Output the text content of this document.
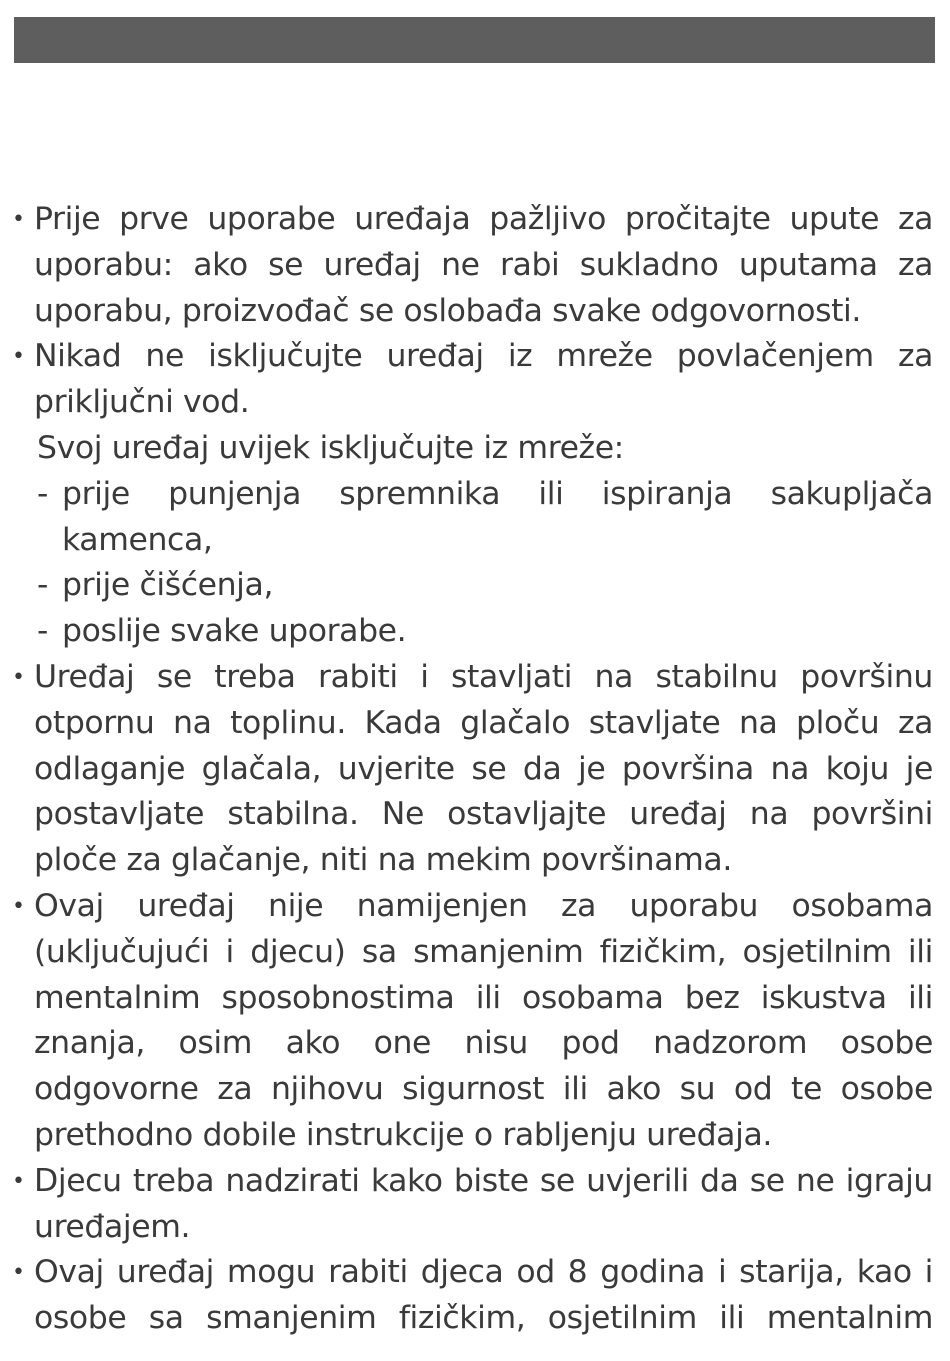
• Prije prve uporabe uređaja pažljivo pročitajte upute za uporabu: ako se uređaj ne rabi sukladno uputama za uporabu, proizvođač se oslobađa svake odgovornosti.
• Nikad ne isključujte uređaj iz mreže povlačenjem za priključni vod.
Svoj uređaj uvijek isključujte iz mreže:
- prije punjenja spremnika ili ispiranja sakupljača kamenca,
- prije čišćenja,
- poslije svake uporabe.
• Uređaj se treba rabiti i stavljati na stabilnu površinu otpornu na toplinu. Kada glačalo stavljate na ploču za odlaganje glačala, uvjerite se da je površina na koju je postavljate stabilna. Ne ostavljajte uređaj na površini ploče za glačanje, niti na mekim površinama.
• Ovaj uređaj nije namijenjen za uporabu osobama (uključujući i djecu) sa smanjenim fizičkim, osjetilnim ili mentalnim sposobnostima ili osobama bez iskustva ili znanja, osim ako one nisu pod nadzorom osobe odgovorne za njihovu sigurnost ili ako su od te osobe prethodno dobile instrukcije o rabljenju uređaja.
• Djecu treba nadzirati kako biste se uvjerili da se ne igraju uređajem.
• Ovaj uređaj mogu rabiti djeca od 8 godina i starija, kao i osobe sa smanjenim fizičkim, osjetilnim ili mentalnim
